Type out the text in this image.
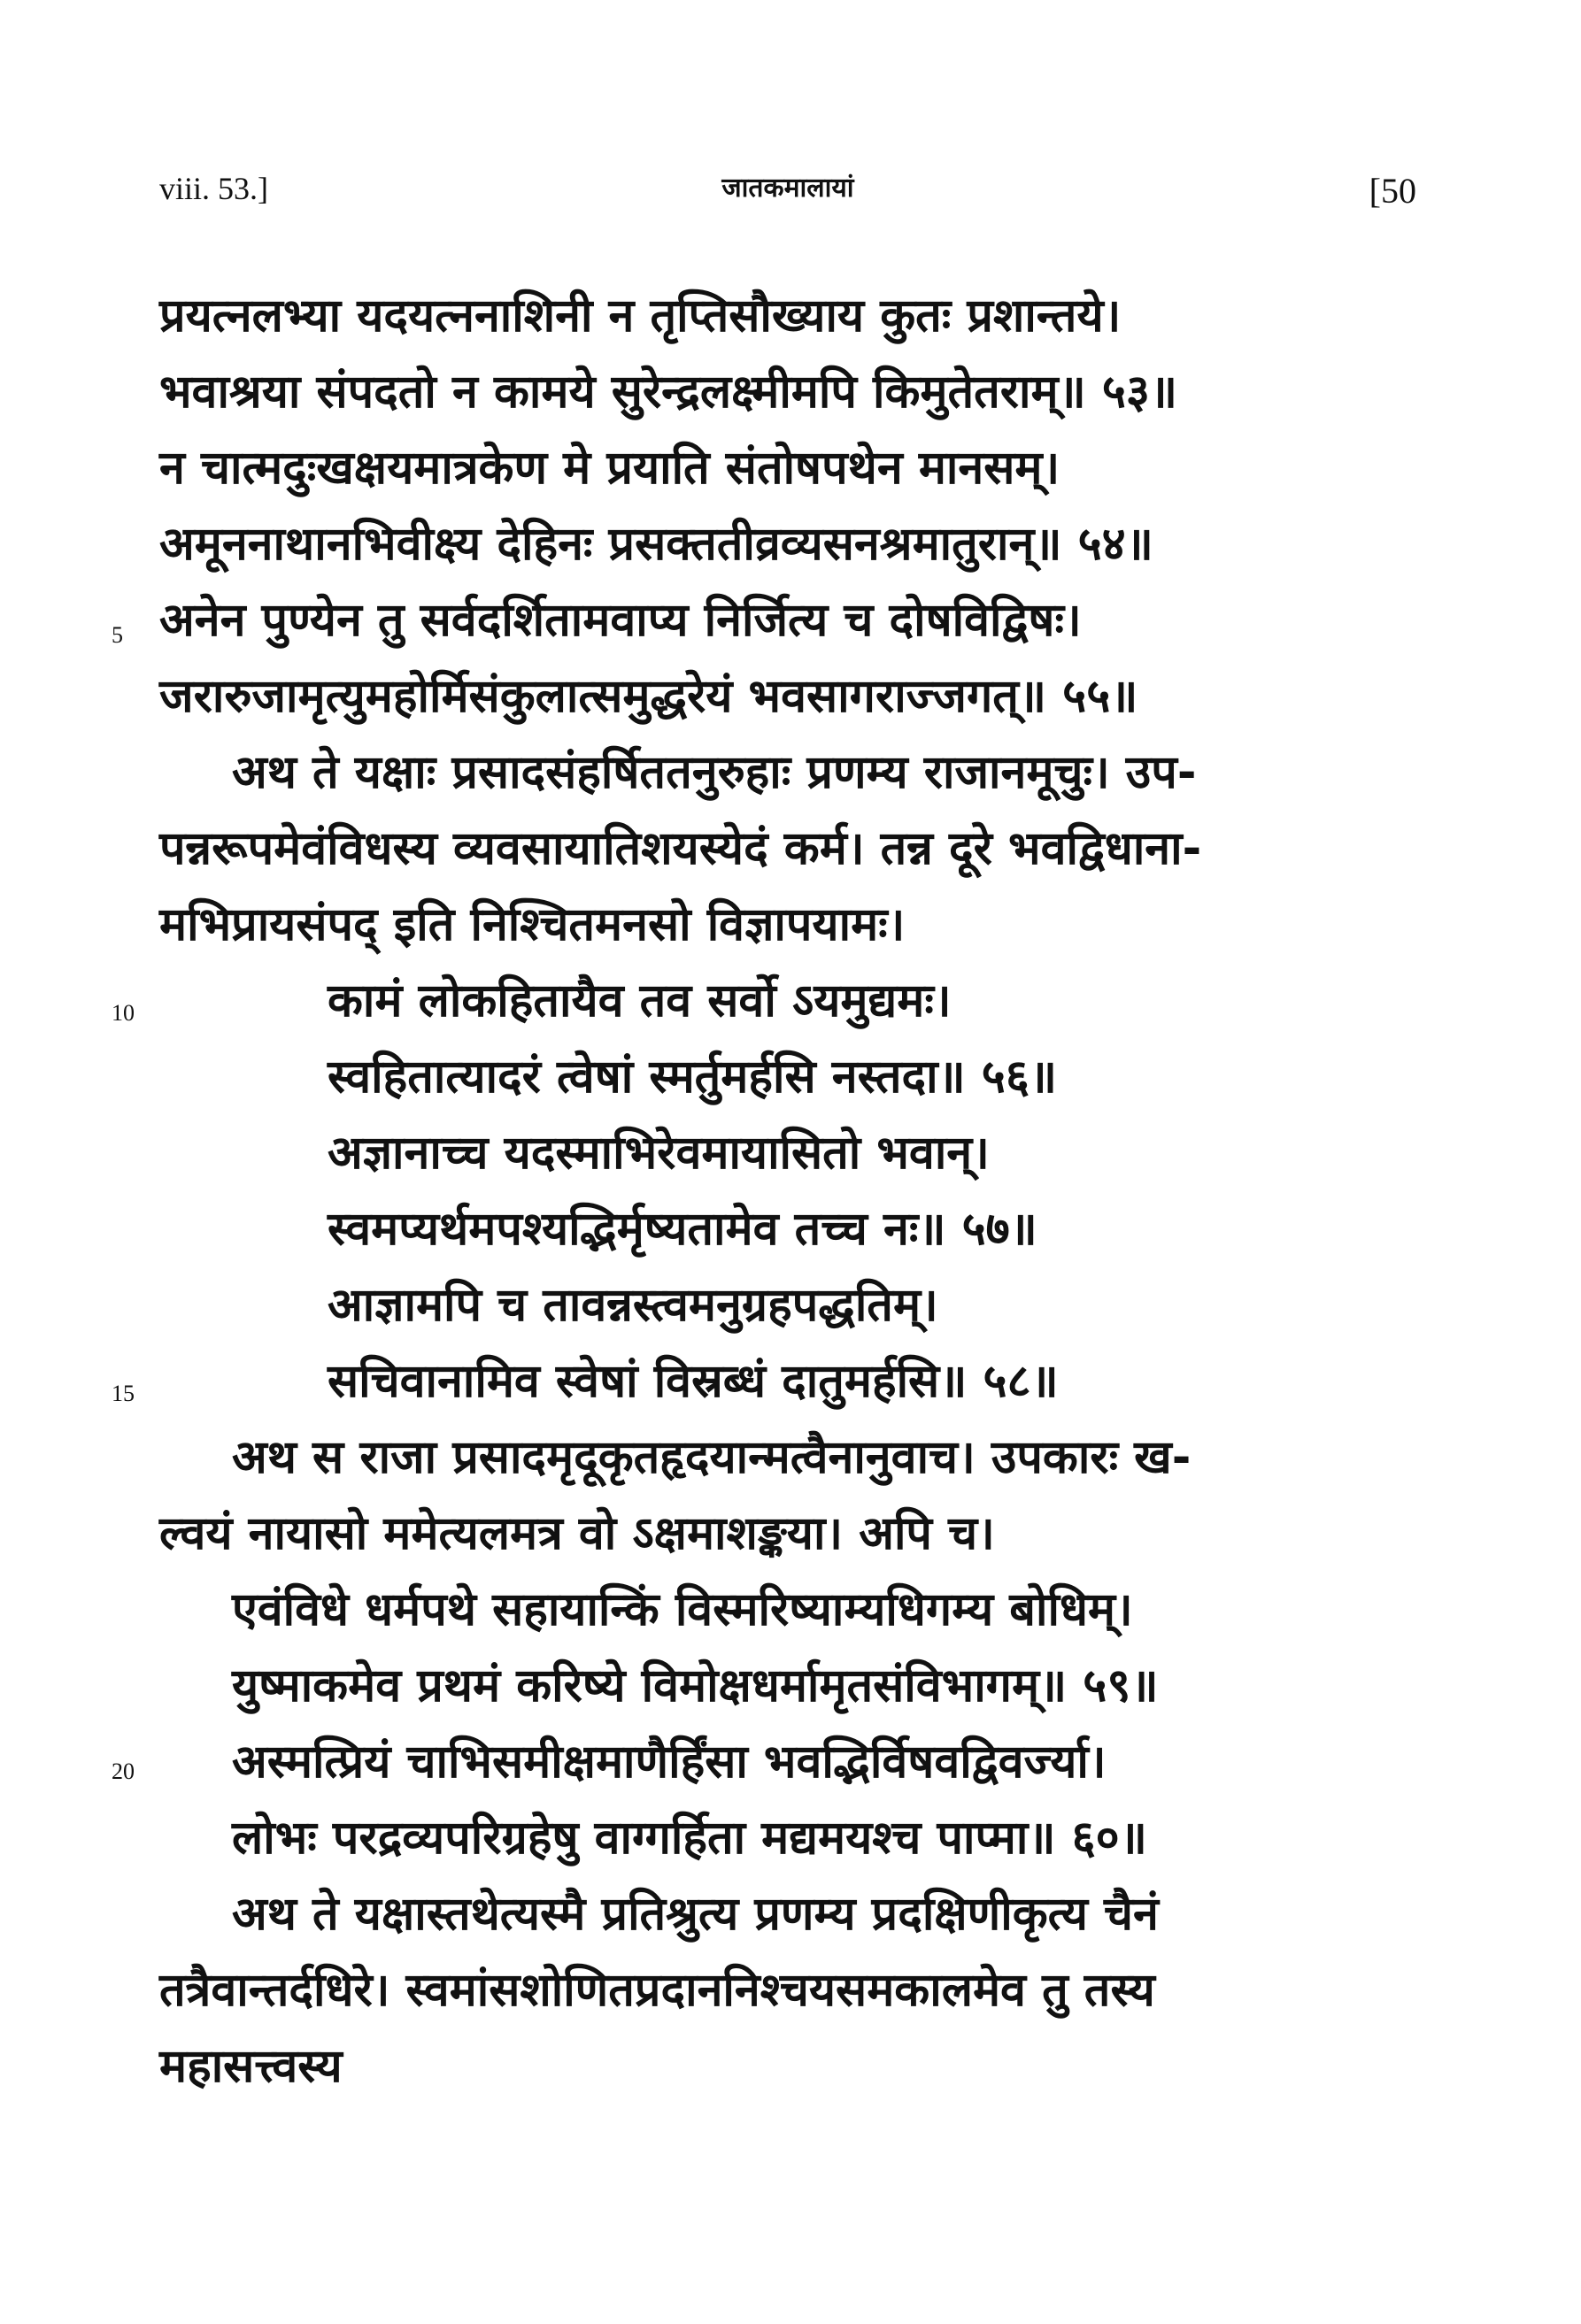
viii. 53.]	जातकमालायां	[50
5
10
15
20
प्रयत्नलभ्या यदयत्ननाशिनी न तृप्तिसौख्याय कुतः प्रशान्तये।
भवाश्रया संपदतो न कामये सुरेन्द्रलक्ष्मीमपि किमुतेतराम्॥ ५३॥
न चात्मदुःखक्षयमात्रकेण मे प्रयाति संतोषपथेन मानसम्।
अमूननाथानभिवीक्ष्य देहिनः प्रसक्ततीव्रव्यसनश्रमातुरान्॥ ५४॥
अनेन पुण्येन तु सर्वदर्शितामवाप्य निर्जित्य च दोषविद्विषः।
जरारुजामृत्युमहोर्मिसंकुलात्समुद्धरेयं भवसागराज्जगत्॥ ५५॥
अथ ते यक्षाः प्रसादसंहर्षिततनुरुहाः प्रणम्य राजानमूचुः। उप-
पन्नरूपमेवंविधस्य व्यवसायातिशयस्येदं कर्म। तन्न दूरे भवद्विधाना-
मभिप्रायसंपद् इति निश्चितमनसो विज्ञापयामः।
कामं लोकहितायैव तव सर्वो ऽयमुद्यमः।
स्वहितात्यादरं त्वेषां स्मर्तुमर्हसि नस्तदा॥ ५६॥
अज्ञानाच्च यदस्माभिरेवमायासितो भवान्।
स्वमप्यर्थमपश्यद्भिर्मृष्यतामेव तच्च नः॥ ५७॥
आज्ञामपि च तावन्नस्त्वमनुग्रहपद्धतिम्।
सचिवानामिव स्वेषां विस्रब्धं दातुमर्हसि॥ ५८॥
अथ स राजा प्रसादमृदूकृतहृदयान्मत्वैनानुवाच। उपकारः ख-
ल्वयं नायासो ममेत्यलमत्र वो ऽक्षमाशङ्कया। अपि च।
एवंविधे धर्मपथे सहायान्किं विस्मरिष्याम्यधिगम्य बोधिम्।
युष्माकमेव प्रथमं करिष्ये विमोक्षधर्मामृतसंविभागम्॥ ५९॥
अस्मत्प्रियं चाभिसमीक्षमाणैर्हिंसा भवद्भिर्विषवद्विवर्ज्या।
लोभः परद्रव्यपरिग्रहेषु वाग्गर्हिता मद्यमयश्च पाप्मा॥ ६०॥
अथ ते यक्षास्तथेत्यस्मै प्रतिश्रुत्य प्रणम्य प्रदक्षिणीकृत्य चैनं
तत्रैवान्तर्दधिरे। स्वमांसशोणितप्रदाननिश्चयसमकालमेव तु तस्य
महासत्त्वस्य
